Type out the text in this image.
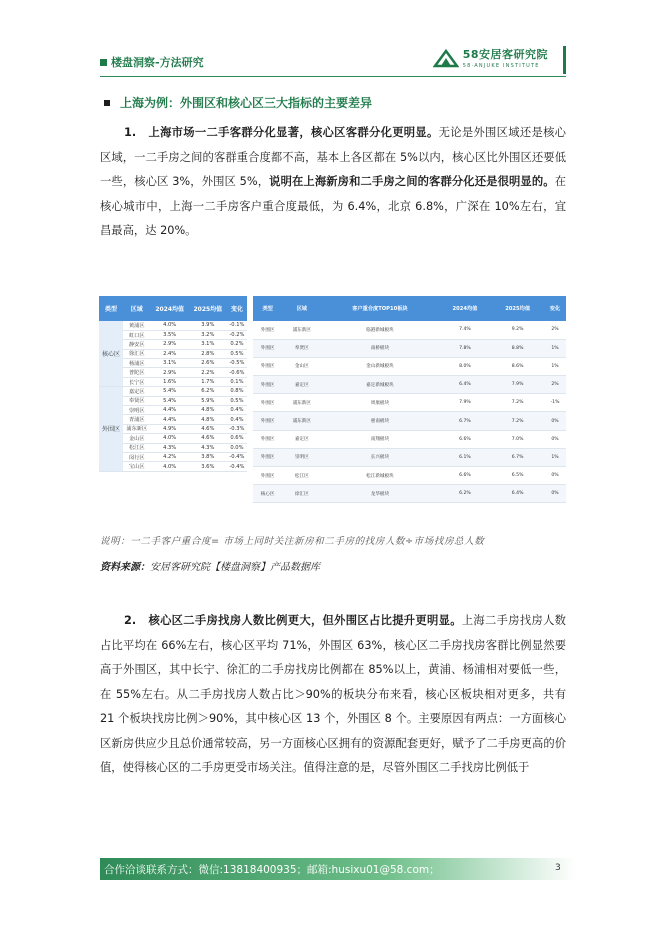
楼盘洞察-方法研究
58安居客研究院
58·ANJUKE INSTITUTE
上海为例：外围区和核心区三大指标的主要差异

1. 上海市场一二手客群分化显著，核心区客群分化更明显。无论是外围区域还是核心区域，一二手房之间的客群重合度都不高，基本上各区都在 5%以内，核心区比外围区还要低一些，核心区 3%，外围区 5%，说明在上海新房和二手房之间的客群分化还是很明显的。在核心城市中，上海一二手房客户重合度最低，为 6.4%，北京 6.8%，广深在 10%左右，宜昌最高，达 20%。

类型	区域	2024均值	2025均值	变化
核心区	黄浦区	4.0%	3.9%	-0.1%
	虹口区	3.5%	3.2%	-0.2%
	静安区	2.9%	3.1%	0.2%
	徐汇区	2.4%	2.8%	0.5%
	杨浦区	3.1%	2.6%	-0.5%
	普陀区	2.9%	2.2%	-0.6%
	长宁区	1.6%	1.7%	0.1%
外围区	嘉定区	5.4%	6.2%	0.8%
	奉贤区	5.4%	5.9%	0.5%
	崇明区	4.4%	4.8%	0.4%
	青浦区	4.4%	4.8%	0.4%
	浦东新区	4.9%	4.6%	-0.3%
	金山区	4.0%	4.6%	0.6%
	松江区	4.3%	4.3%	0.0%
	闵行区	4.2%	3.8%	-0.4%
	宝山区	4.0%	3.6%	-0.4%
类型	区域	客户重合度TOP10板块	2024均值	2025均值	变化
外围区	浦东新区	临港新城板块	7.4%	9.2%	2%
外围区	奉贤区	南桥板块	7.8%	8.8%	1%
外围区	金山区	金山新城板块	8.0%	8.6%	1%
外围区	嘉定区	嘉定新城板块	6.4%	7.9%	2%
外围区	浦东新区	周康板块	7.9%	7.2%	-1%
外围区	浦东新区	惠南板块	6.7%	7.2%	0%
外围区	嘉定区	南翔板块	6.6%	7.0%	0%
外围区	崇明区	长兴板块	6.1%	6.7%	1%
外围区	松江区	松江新城板块	6.6%	6.5%	0%
核心区	徐汇区	龙华板块	6.2%	6.4%	0%
说明：一二手客户重合度= 市场上同时关注新房和二手房的找房人数÷市场找房总人数
资料来源：安居客研究院【楼盘洞察】产品数据库

2. 核心区二手房找房人数比例更大，但外围区占比提升更明显。上海二手房找房人数占比平均在 66%左右，核心区平均 71%，外围区 63%，核心区二手房找房客群比例显然要高于外围区，其中长宁、徐汇的二手房找房比例都在 85%以上，黄浦、杨浦相对要低一些，在 55%左右。从二手房找房人数占比＞90%的板块分布来看，核心区板块相对更多，共有 21 个板块找房比例＞90%，其中核心区 13 个，外围区 8 个。主要原因有两点：一方面核心区新房供应少且总价通常较高，另一方面核心区拥有的资源配套更好，赋予了二手房更高的价值，使得核心区的二手房更受市场关注。值得注意的是，尽管外围区二手找房比例低于

合作洽谈联系方式：微信:13818400935；邮箱:husixu01@58.com；	3
